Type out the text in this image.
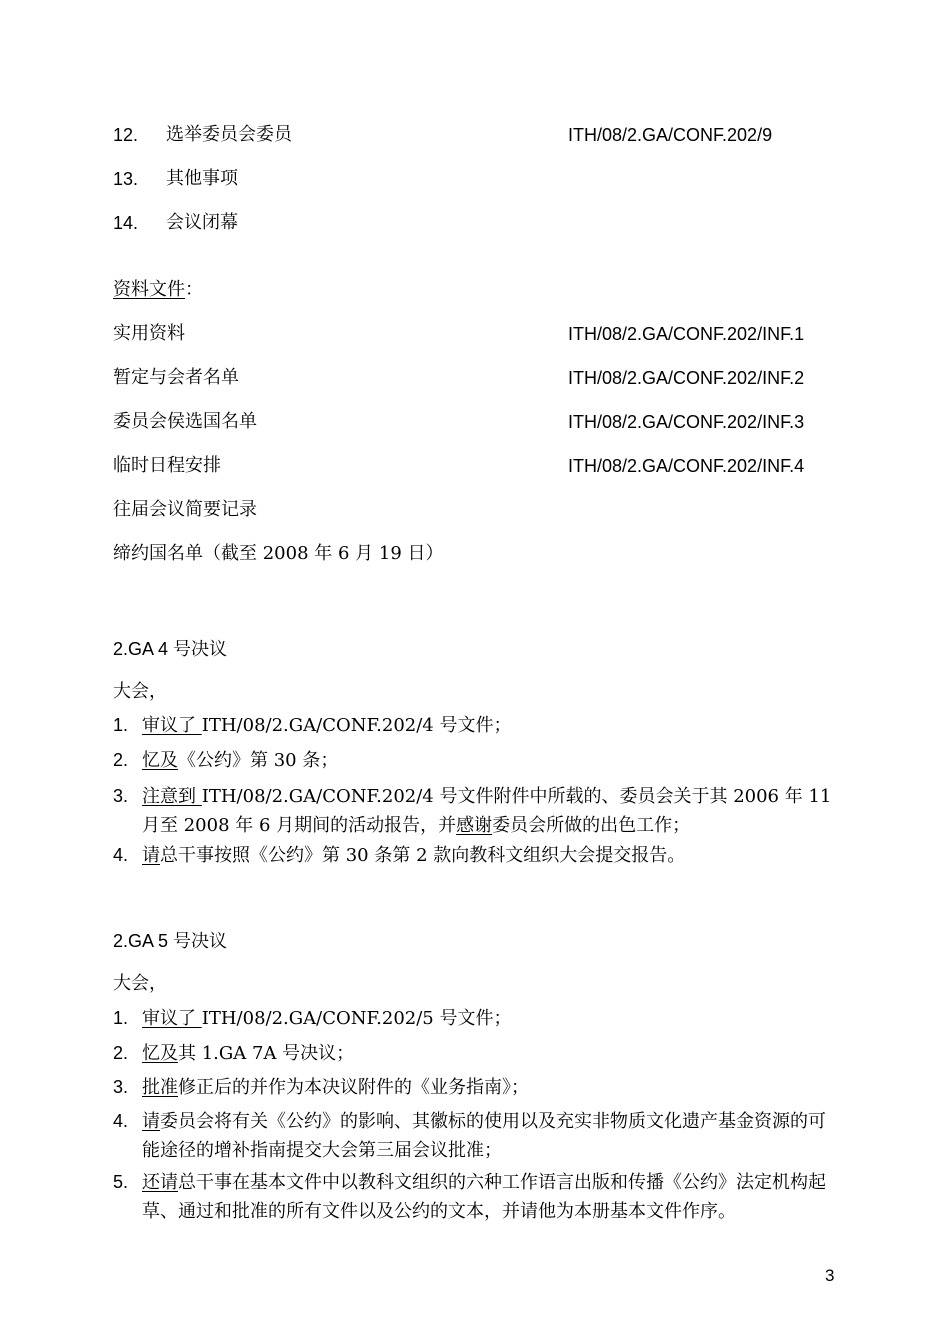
12. 选举委员会委员	ITH/08/2.GA/CONF.202/9
13. 其他事项
14. 会议闭幕
资料文件：
实用资料	ITH/08/2.GA/CONF.202/INF.1
暂定与会者名单	ITH/08/2.GA/CONF.202/INF.2
委员会侯选国名单	ITH/08/2.GA/CONF.202/INF.3
临时日程安排	ITH/08/2.GA/CONF.202/INF.4
往届会议简要记录
缔约国名单（截至 2008 年 6 月 19 日）
2.GA 4 号决议
大会，
1. 审议了 ITH/08/2.GA/CONF.202/4 号文件；
2. 忆及《公约》第 30 条；
3. 注意到 ITH/08/2.GA/CONF.202/4 号文件附件中所载的、委员会关于其 2006 年 11 月至 2008 年 6 月期间的活动报告，并感谢委员会所做的出色工作；
4. 请总干事按照《公约》第 30 条第 2 款向教科文组织大会提交报告。
2.GA 5 号决议
大会，
1. 审议了 ITH/08/2.GA/CONF.202/5 号文件；
2. 忆及其 1.GA 7A 号决议；
3. 批准修正后的并作为本决议附件的《业务指南》；
4. 请委员会将有关《公约》的影响、其徽标的使用以及充实非物质文化遗产基金资源的可能途径的增补指南提交大会第三届会议批准；
5. 还请总干事在基本文件中以教科文组织的六种工作语言出版和传播《公约》法定机构起草、通过和批准的所有文件以及公约的文本，并请他为本册基本文件作序。
3
